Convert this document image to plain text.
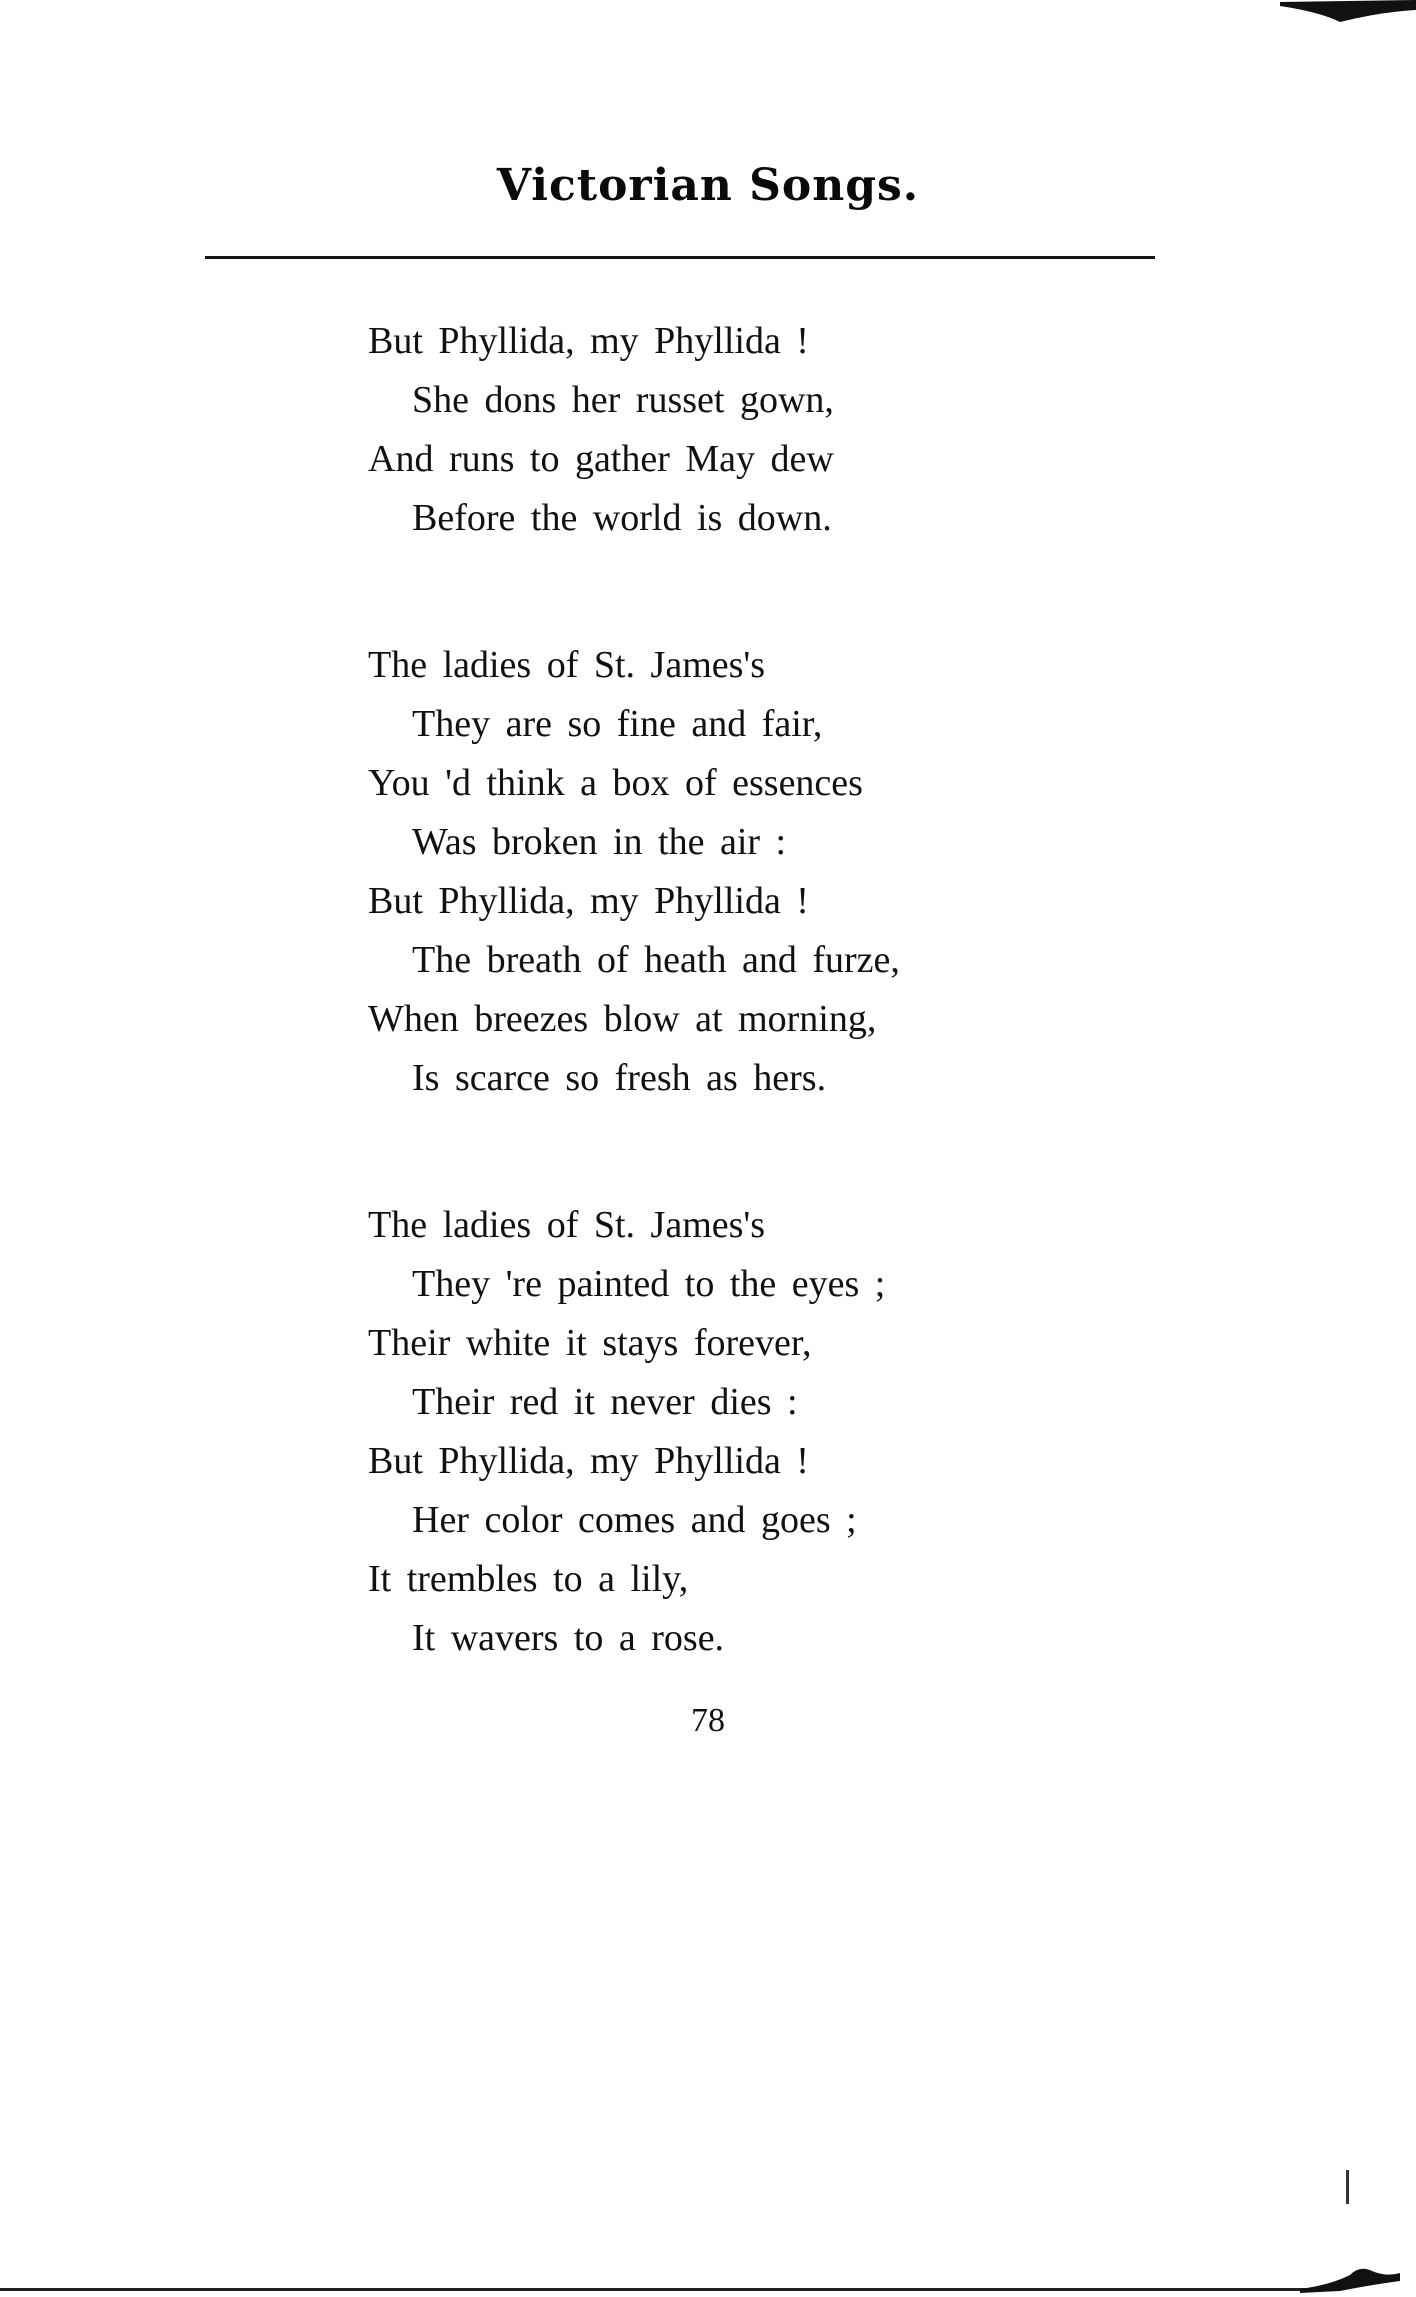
Victorian Songs.
But Phyllida, my Phyllida !
She dons her russet gown,
And runs to gather May dew
Before the world is down.
The ladies of St. James's
They are so fine and fair,
You 'd think a box of essences
Was broken in the air :
But Phyllida, my Phyllida !
The breath of heath and furze,
When breezes blow at morning,
Is scarce so fresh as hers.
The ladies of St. James's
They 're painted to the eyes ;
Their white it stays forever,
Their red it never dies :
But Phyllida, my Phyllida !
Her color comes and goes ;
It trembles to a lily,
It wavers to a rose.
78
